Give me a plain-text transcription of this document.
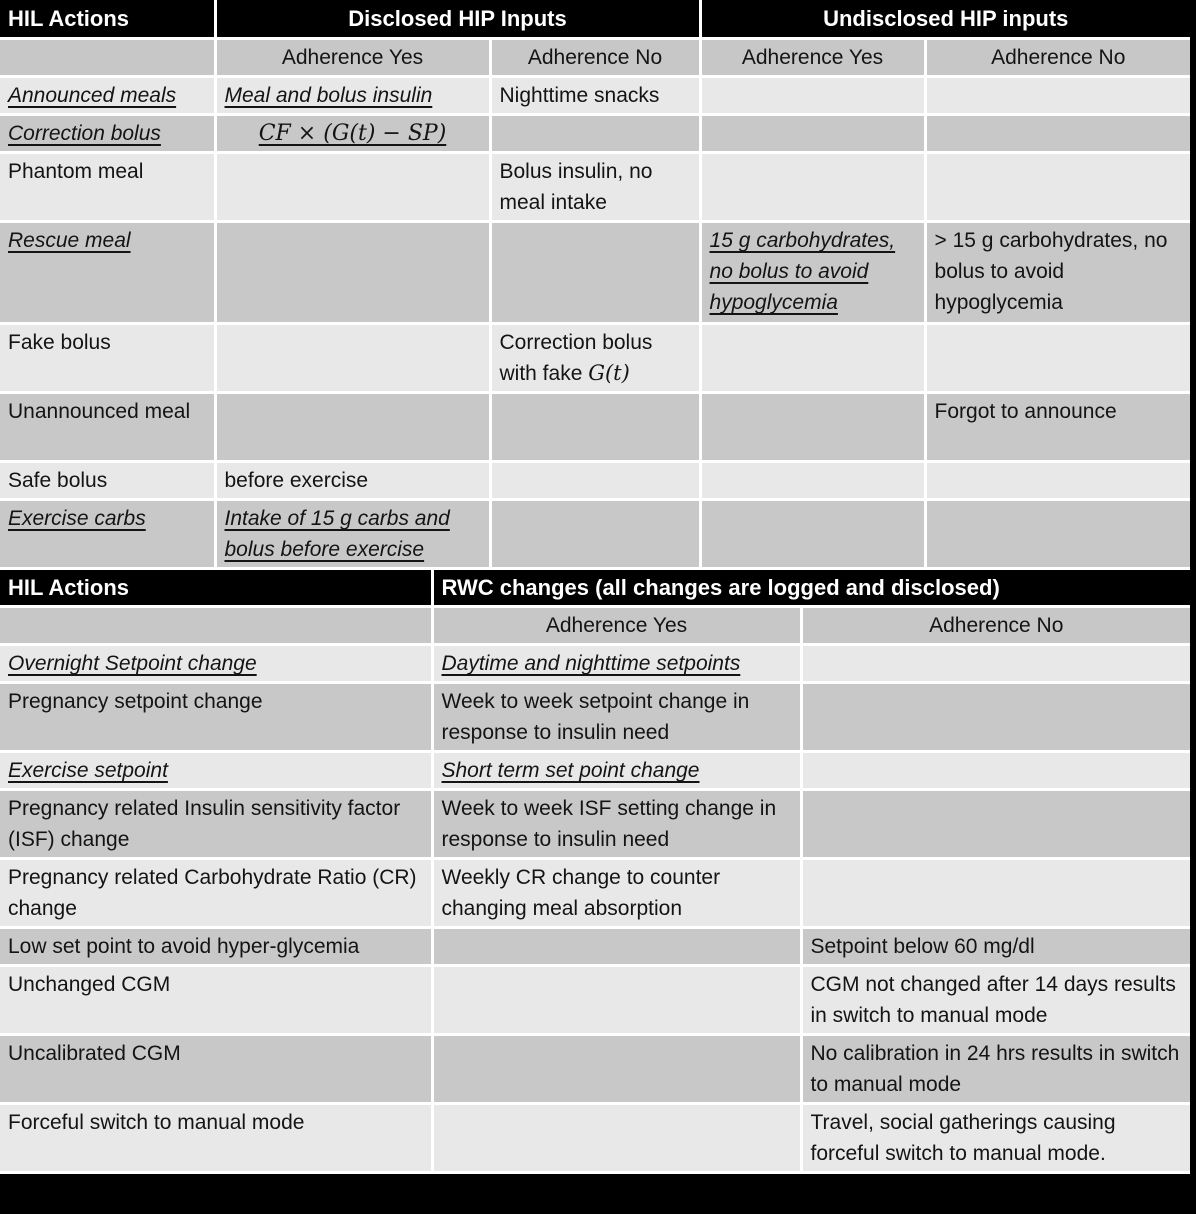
HIL Actions	Disclosed HIP Inputs		Undisclosed HIP inputs	
	Adherence Yes	Adherence No	Adherence Yes	Adherence No
Announced meals	Meal and bolus insulin	Nighttime snacks		
Correction bolus	CF × (G(t) − SP)			
Phantom meal		Bolus insulin, no meal intake		
Rescue meal			15 g carbohydrates, no bolus to avoid hypoglycemia	> 15 g carbohydrates, no bolus to avoid hypoglycemia
Fake bolus		Correction bolus with fake G(t)		
Unannounced meal				Forgot to announce
Safe bolus	before exercise			
Exercise carbs	Intake of 15 g carbs and bolus before exercise			
HIL Actions	RWC changes (all changes are logged and disclosed)	
	Adherence Yes	Adherence No
Overnight Setpoint change	Daytime and nighttime setpoints	
Pregnancy setpoint change	Week to week setpoint change in response to insulin need	
Exercise setpoint	Short term set point change	
Pregnancy related Insulin sensitivity factor (ISF) change	Week to week ISF setting change in response to insulin need	
Pregnancy related Carbohydrate Ratio (CR) change	Weekly CR change to counter changing meal absorption	
Low set point to avoid hyper-glycemia		Setpoint below 60 mg/dl
Unchanged CGM		CGM not changed after 14 days results in switch to manual mode
Uncalibrated CGM		No calibration in 24 hrs results in switch to manual mode
Forceful switch to manual mode		Travel, social gatherings causing forceful switch to manual mode.
